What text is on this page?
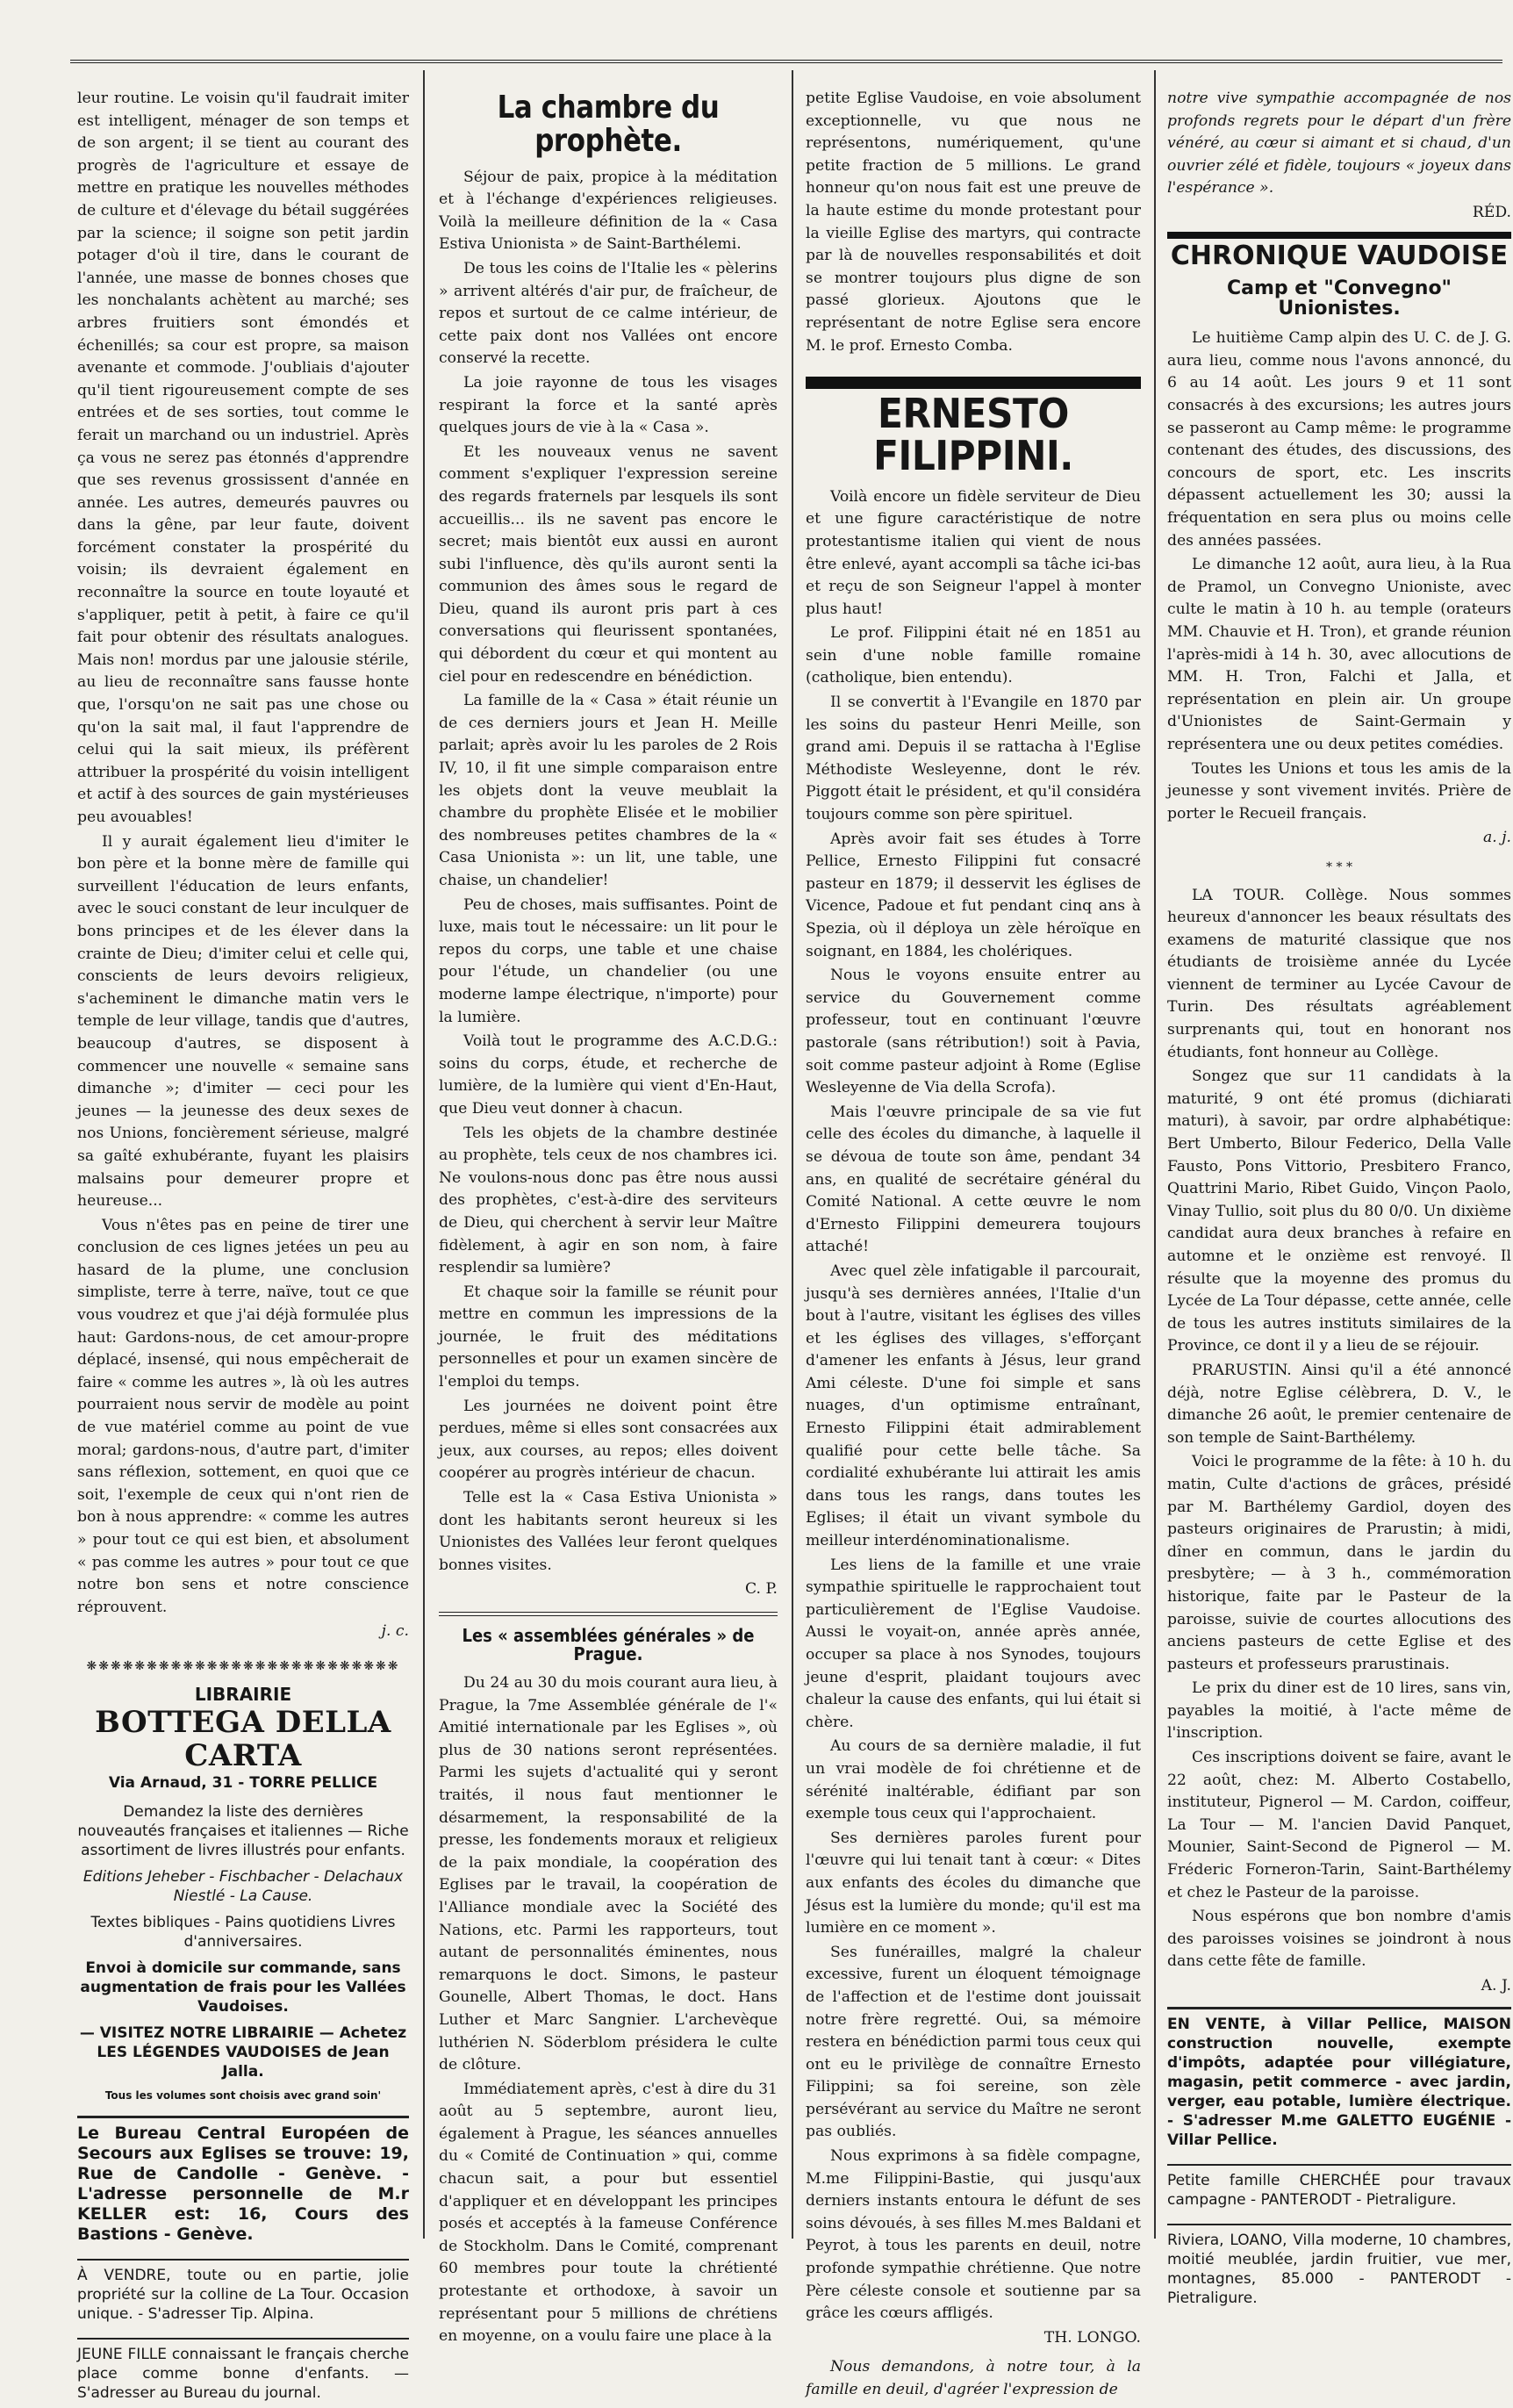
leur routine. Le voisin qu'il faudrait imiter est intelligent, ménager de son temps et de son argent; il se tient au courant des progrès de l'agriculture et essaye de mettre en pratique les nouvelles méthodes de culture et d'élevage du bétail suggérées par la science; il soigne son petit jardin potager d'où il tire, dans le courant de l'année, une masse de bonnes choses que les nonchalants achètent au marché; ses arbres fruitiers sont émondés et échenillés; sa cour est propre, sa maison avenante et commode. J'oubliais d'ajouter qu'il tient rigoureusement compte de ses entrées et de ses sorties, tout comme le ferait un marchand ou un industriel. Après ça vous ne serez pas étonnés d'apprendre que ses revenus grossissent d'année en année. Les autres, demeurés pauvres ou dans la gêne, par leur faute, doivent forcément constater la prospérité du voisin; ils devraient également en reconnaître la source en toute loyauté et s'appliquer, petit à petit, à faire ce qu'il fait pour obtenir des résultats analogues. Mais non! mordus par une jalousie stérile, au lieu de reconnaître sans fausse honte que, l'orsqu'on ne sait pas une chose ou qu'on la sait mal, il faut l'apprendre de celui qui la sait mieux, ils préfèrent attribuer la prospérité du voisin intelligent et actif à des sources de gain mystérieuses peu avouables!

Il y aurait également lieu d'imiter le bon père et la bonne mère de famille qui surveillent l'éducation de leurs enfants, avec le souci constant de leur inculquer de bons principes et de les élever dans la crainte de Dieu; d'imiter celui et celle qui, conscients de leurs devoirs religieux, s'acheminent le dimanche matin vers le temple de leur village, tandis que d'autres, beaucoup d'autres, se disposent à commencer une nouvelle « semaine sans dimanche »; d'imiter — ceci pour les jeunes — la jeunesse des deux sexes de nos Unions, foncièrement sérieuse, malgré sa gaîté exhubérante, fuyant les plaisirs malsains pour demeurer propre et heureuse...

Vous n'êtes pas en peine de tirer une conclusion de ces lignes jetées un peu au hasard de la plume, une conclusion simpliste, terre à terre, naïve, tout ce que vous voudrez et que j'ai déjà formulée plus haut: Gardons-nous, de cet amour-propre déplacé, insensé, qui nous empêcherait de faire « comme les autres », là où les autres pourraient nous servir de modèle au point de vue matériel comme au point de vue moral; gardons-nous, d'autre part, d'imiter sans réflexion, sottement, en quoi que ce soit, l'exemple de ceux qui n'ont rien de bon à nous apprendre: « comme les autres » pour tout ce qui est bien, et absolument « pas comme les autres » pour tout ce que notre bon sens et notre conscience réprouvent.

j. c.
❋❋❋❋❋❋❋❋❋❋❋❋❋❋❋❋❋❋❋❋❋❋❋❋❋❋
LIBRAIRIE
BOTTEGA DELLA CARTA
Via Arnaud, 31 - TORRE PELLICE
Demandez la liste des dernières nouveautés françaises et italiennes — Riche assortiment de livres illustrés pour enfants.
Editions Jeheber - Fischbacher - Delachaux Niestlé - La Cause.
Textes bibliques - Pains quotidiens Livres d'anniversaires.
Envoi à domicile sur commande, sans augmentation de frais pour les Vallées Vaudoises.
— VISITEZ NOTRE LIBRAIRIE — Achetez LES LÉGENDES VAUDOISES de Jean Jalla.
Tous les volumes sont choisis avec grand soin'
Le Bureau Central Européen de Secours aux Eglises se trouve: 19, Rue de Candolle - Genève. - L'adresse personnelle de M.r KELLER est: 16, Cours des Bastions - Genève.
À VENDRE, toute ou en partie, jolie propriété sur la colline de La Tour. Occasion unique. - S'adresser Tip. Alpina.
JEUNE FILLE connaissant le français cherche place comme bonne d'enfants. — S'adresser au Bureau du journal.
La chambre du prophète.

Séjour de paix, propice à la méditation et à l'échange d'expériences religieuses. Voilà la meilleure définition de la « Casa Estiva Unionista » de Saint-Barthélemi.

De tous les coins de l'Italie les « pèlerins » arrivent altérés d'air pur, de fraîcheur, de repos et surtout de ce calme intérieur, de cette paix dont nos Vallées ont encore conservé la recette.

La joie rayonne de tous les visages respirant la force et la santé après quelques jours de vie à la « Casa ».

Et les nouveaux venus ne savent comment s'expliquer l'expression sereine des regards fraternels par lesquels ils sont accueillis... ils ne savent pas encore le secret; mais bientôt eux aussi en auront subi l'influence, dès qu'ils auront senti la communion des âmes sous le regard de Dieu, quand ils auront pris part à ces conversations qui fleurissent spontanées, qui débordent du cœur et qui montent au ciel pour en redescendre en bénédiction.

La famille de la « Casa » était réunie un de ces derniers jours et Jean H. Meille parlait; après avoir lu les paroles de 2 Rois IV, 10, il fit une simple comparaison entre les objets dont la veuve meublait la chambre du prophète Elisée et le mobilier des nombreuses petites chambres de la « Casa Unionista »: un lit, une table, une chaise, un chandelier!

Peu de choses, mais suffisantes. Point de luxe, mais tout le nécessaire: un lit pour le repos du corps, une table et une chaise pour l'étude, un chandelier (ou une moderne lampe électrique, n'importe) pour la lumière.

Voilà tout le programme des A.C.D.G.: soins du corps, étude, et recherche de lumière, de la lumière qui vient d'En-Haut, que Dieu veut donner à chacun.

Tels les objets de la chambre destinée au prophète, tels ceux de nos chambres ici. Ne voulons-nous donc pas être nous aussi des prophètes, c'est-à-dire des serviteurs de Dieu, qui cherchent à servir leur Maître fidèlement, à agir en son nom, à faire resplendir sa lumière?

Et chaque soir la famille se réunit pour mettre en commun les impressions de la journée, le fruit des méditations personnelles et pour un examen sincère de l'emploi du temps.

Les journées ne doivent point être perdues, même si elles sont consacrées aux jeux, aux courses, au repos; elles doivent coopérer au progrès intérieur de chacun.

Telle est la « Casa Estiva Unionista » dont les habitants seront heureux si les Unionistes des Vallées leur feront quelques bonnes visites.

C. P.
Les « assemblées générales » de Prague.

Du 24 au 30 du mois courant aura lieu, à Prague, la 7me Assemblée générale de l'« Amitié internationale par les Eglises », où plus de 30 nations seront représentées. Parmi les sujets d'actualité qui y seront traités, il nous faut mentionner le désarmement, la responsabilité de la presse, les fondements moraux et religieux de la paix mondiale, la coopération des Eglises par le travail, la coopération de l'Alliance mondiale avec la Société des Nations, etc. Parmi les rapporteurs, tout autant de personnalités éminentes, nous remarquons le doct. Simons, le pasteur Gounelle, Albert Thomas, le doct. Hans Luther et Marc Sangnier. L'archevèque luthérien N. Söderblom présidera le culte de clôture.

Immédiatement après, c'est à dire du 31 août au 5 septembre, auront lieu, également à Prague, les séances annuelles du « Comité de Continuation » qui, comme chacun sait, a pour but essentiel d'appliquer et en développant les principes posés et acceptés à la fameuse Conférence de Stockholm. Dans le Comité, comprenant 60 membres pour toute la chrétienté protestante et orthodoxe, à savoir un représentant pour 5 millions de chrétiens en moyenne, on a voulu faire une place à la

petite Eglise Vaudoise, en voie absolument exceptionnelle, vu que nous ne représentons, numériquement, qu'une petite fraction de 5 millions. Le grand honneur qu'on nous fait est une preuve de la haute estime du monde protestant pour la vieille Eglise des martyrs, qui contracte par là de nouvelles responsabilités et doit se montrer toujours plus digne de son passé glorieux. Ajoutons que le représentant de notre Eglise sera encore M. le prof. Ernesto Comba.

ERNESTO FILIPPINI.

Voilà encore un fidèle serviteur de Dieu et une figure caractéristique de notre protestantisme italien qui vient de nous être enlevé, ayant accompli sa tâche ici-bas et reçu de son Seigneur l'appel à monter plus haut!

Le prof. Filippini était né en 1851 au sein d'une noble famille romaine (catholique, bien entendu).

Il se convertit à l'Evangile en 1870 par les soins du pasteur Henri Meille, son grand ami. Depuis il se rattacha à l'Eglise Méthodiste Wesleyenne, dont le rév. Piggott était le président, et qu'il considéra toujours comme son père spirituel.

Après avoir fait ses études à Torre Pellice, Ernesto Filippini fut consacré pasteur en 1879; il desservit les églises de Vicence, Padoue et fut pendant cinq ans à Spezia, où il déploya un zèle héroïque en soignant, en 1884, les cholériques.

Nous le voyons ensuite entrer au service du Gouvernement comme professeur, tout en continuant l'œuvre pastorale (sans rétribution!) soit à Pavia, soit comme pasteur adjoint à Rome (Eglise Wesleyenne de Via della Scrofa).

Mais l'œuvre principale de sa vie fut celle des écoles du dimanche, à laquelle il se dévoua de toute son âme, pendant 34 ans, en qualité de secrétaire général du Comité National. A cette œuvre le nom d'Ernesto Filippini demeurera toujours attaché!

Avec quel zèle infatigable il parcourait, jusqu'à ses dernières années, l'Italie d'un bout à l'autre, visitant les églises des villes et les églises des villages, s'efforçant d'amener les enfants à Jésus, leur grand Ami céleste. D'une foi simple et sans nuages, d'un optimisme entraînant, Ernesto Filippini était admirablement qualifié pour cette belle tâche. Sa cordialité exhubérante lui attirait les amis dans tous les rangs, dans toutes les Eglises; il était un vivant symbole du meilleur interdénominationalisme.

Les liens de la famille et une vraie sympathie spirituelle le rapprochaient tout particulièrement de l'Eglise Vaudoise. Aussi le voyait-on, année après année, occuper sa place à nos Synodes, toujours jeune d'esprit, plaidant toujours avec chaleur la cause des enfants, qui lui était si chère.

Au cours de sa dernière maladie, il fut un vrai modèle de foi chrétienne et de sérénité inaltérable, édifiant par son exemple tous ceux qui l'approchaient.

Ses dernières paroles furent pour l'œuvre qui lui tenait tant à cœur: « Dites aux enfants des écoles du dimanche que Jésus est la lumière du monde; qu'il est ma lumière en ce moment ».

Ses funérailles, malgré la chaleur excessive, furent un éloquent témoignage de l'affection et de l'estime dont jouissait notre frère regretté. Oui, sa mémoire restera en bénédiction parmi tous ceux qui ont eu le privilège de connaître Ernesto Filippini; sa foi sereine, son zèle persévérant au service du Maître ne seront pas oubliés.

Nous exprimons à sa fidèle compagne, M.me Filippini-Bastie, qui jusqu'aux derniers instants entoura le défunt de ses soins dévoués, à ses filles M.mes Baldani et Peyrot, à tous les parents en deuil, notre profonde sympathie chrétienne. Que notre Père céleste console et soutienne par sa grâce les cœurs affligés.

TH. LONGO.

Nous demandons, à notre tour, à la famille en deuil, d'agréer l'expression de

notre vive sympathie accompagnée de nos profonds regrets pour le départ d'un frère vénéré, au cœur si aimant et si chaud, d'un ouvrier zélé et fidèle, toujours « joyeux dans l'espérance ».

RÉD.
CHRONIQUE VAUDOISE
Camp et "Convegno" Unionistes.

Le huitième Camp alpin des U. C. de J. G. aura lieu, comme nous l'avons annoncé, du 6 au 14 août. Les jours 9 et 11 sont consacrés à des excursions; les autres jours se passeront au Camp même: le programme contenant des études, des discussions, des concours de sport, etc. Les inscrits dépassent actuellement les 30; aussi la fréquentation en sera plus ou moins celle des années passées.

Le dimanche 12 août, aura lieu, à la Rua de Pramol, un Convegno Unioniste, avec culte le matin à 10 h. au temple (orateurs MM. Chauvie et H. Tron), et grande réunion l'après-midi à 14 h. 30, avec allocutions de MM. H. Tron, Falchi et Jalla, et représentation en plein air. Un groupe d'Unionistes de Saint-Germain y représentera une ou deux petites comédies.

Toutes les Unions et tous les amis de la jeunesse y sont vivement invités. Prière de porter le Recueil français.

a. j.
* * *

LA TOUR. Collège. Nous sommes heureux d'annoncer les beaux résultats des examens de maturité classique que nos étudiants de troisième année du Lycée viennent de terminer au Lycée Cavour de Turin. Des résultats agréablement surprenants qui, tout en honorant nos étudiants, font honneur au Collège.

Songez que sur 11 candidats à la maturité, 9 ont été promus (dichiarati maturi), à savoir, par ordre alphabétique: Bert Umberto, Bilour Federico, Della Valle Fausto, Pons Vittorio, Presbitero Franco, Quattrini Mario, Ribet Guido, Vinçon Paolo, Vinay Tullio, soit plus du 80 0/0. Un dixième candidat aura deux branches à refaire en automne et le onzième est renvoyé. Il résulte que la moyenne des promus du Lycée de La Tour dépasse, cette année, celle de tous les autres instituts similaires de la Province, ce dont il y a lieu de se réjouir.

PRARUSTIN. Ainsi qu'il a été annoncé déjà, notre Eglise célèbrera, D. V., le dimanche 26 août, le premier centenaire de son temple de Saint-Barthélemy.

Voici le programme de la fête: à 10 h. du matin, Culte d'actions de grâces, présidé par M. Barthélemy Gardiol, doyen des pasteurs originaires de Prarustin; à midi, dîner en commun, dans le jardin du presbytère; — à 3 h., commémoration historique, faite par le Pasteur de la paroisse, suivie de courtes allocutions des anciens pasteurs de cette Eglise et des pasteurs et professeurs prarustinais.

Le prix du diner est de 10 lires, sans vin, payables la moitié, à l'acte même de l'inscription.

Ces inscriptions doivent se faire, avant le 22 août, chez: M. Alberto Costabello, instituteur, Pignerol — M. Cardon, coiffeur, La Tour — M. l'ancien David Panquet, Mounier, Saint-Second de Pignerol — M. Fréderic Forneron-Tarin, Saint-Barthélemy et chez le Pasteur de la paroisse.

Nous espérons que bon nombre d'amis des paroisses voisines se joindront à nous dans cette fête de famille.

A. J.
EN VENTE, à Villar Pellice, MAISON construction nouvelle, exempte d'impôts, adaptée pour villégiature, magasin, petit commerce - avec jardin, verger, eau potable, lumière électrique. - S'adresser M.me GALETTO EUGÉNIE - Villar Pellice.
Petite famille CHERCHÉE pour travaux campagne - PANTERODT - Pietraligure.
Riviera, LOANO, Villa moderne, 10 chambres, moitié meublée, jardin fruitier, vue mer, montagnes, 85.000 - PANTERODT - Pietraligure.
